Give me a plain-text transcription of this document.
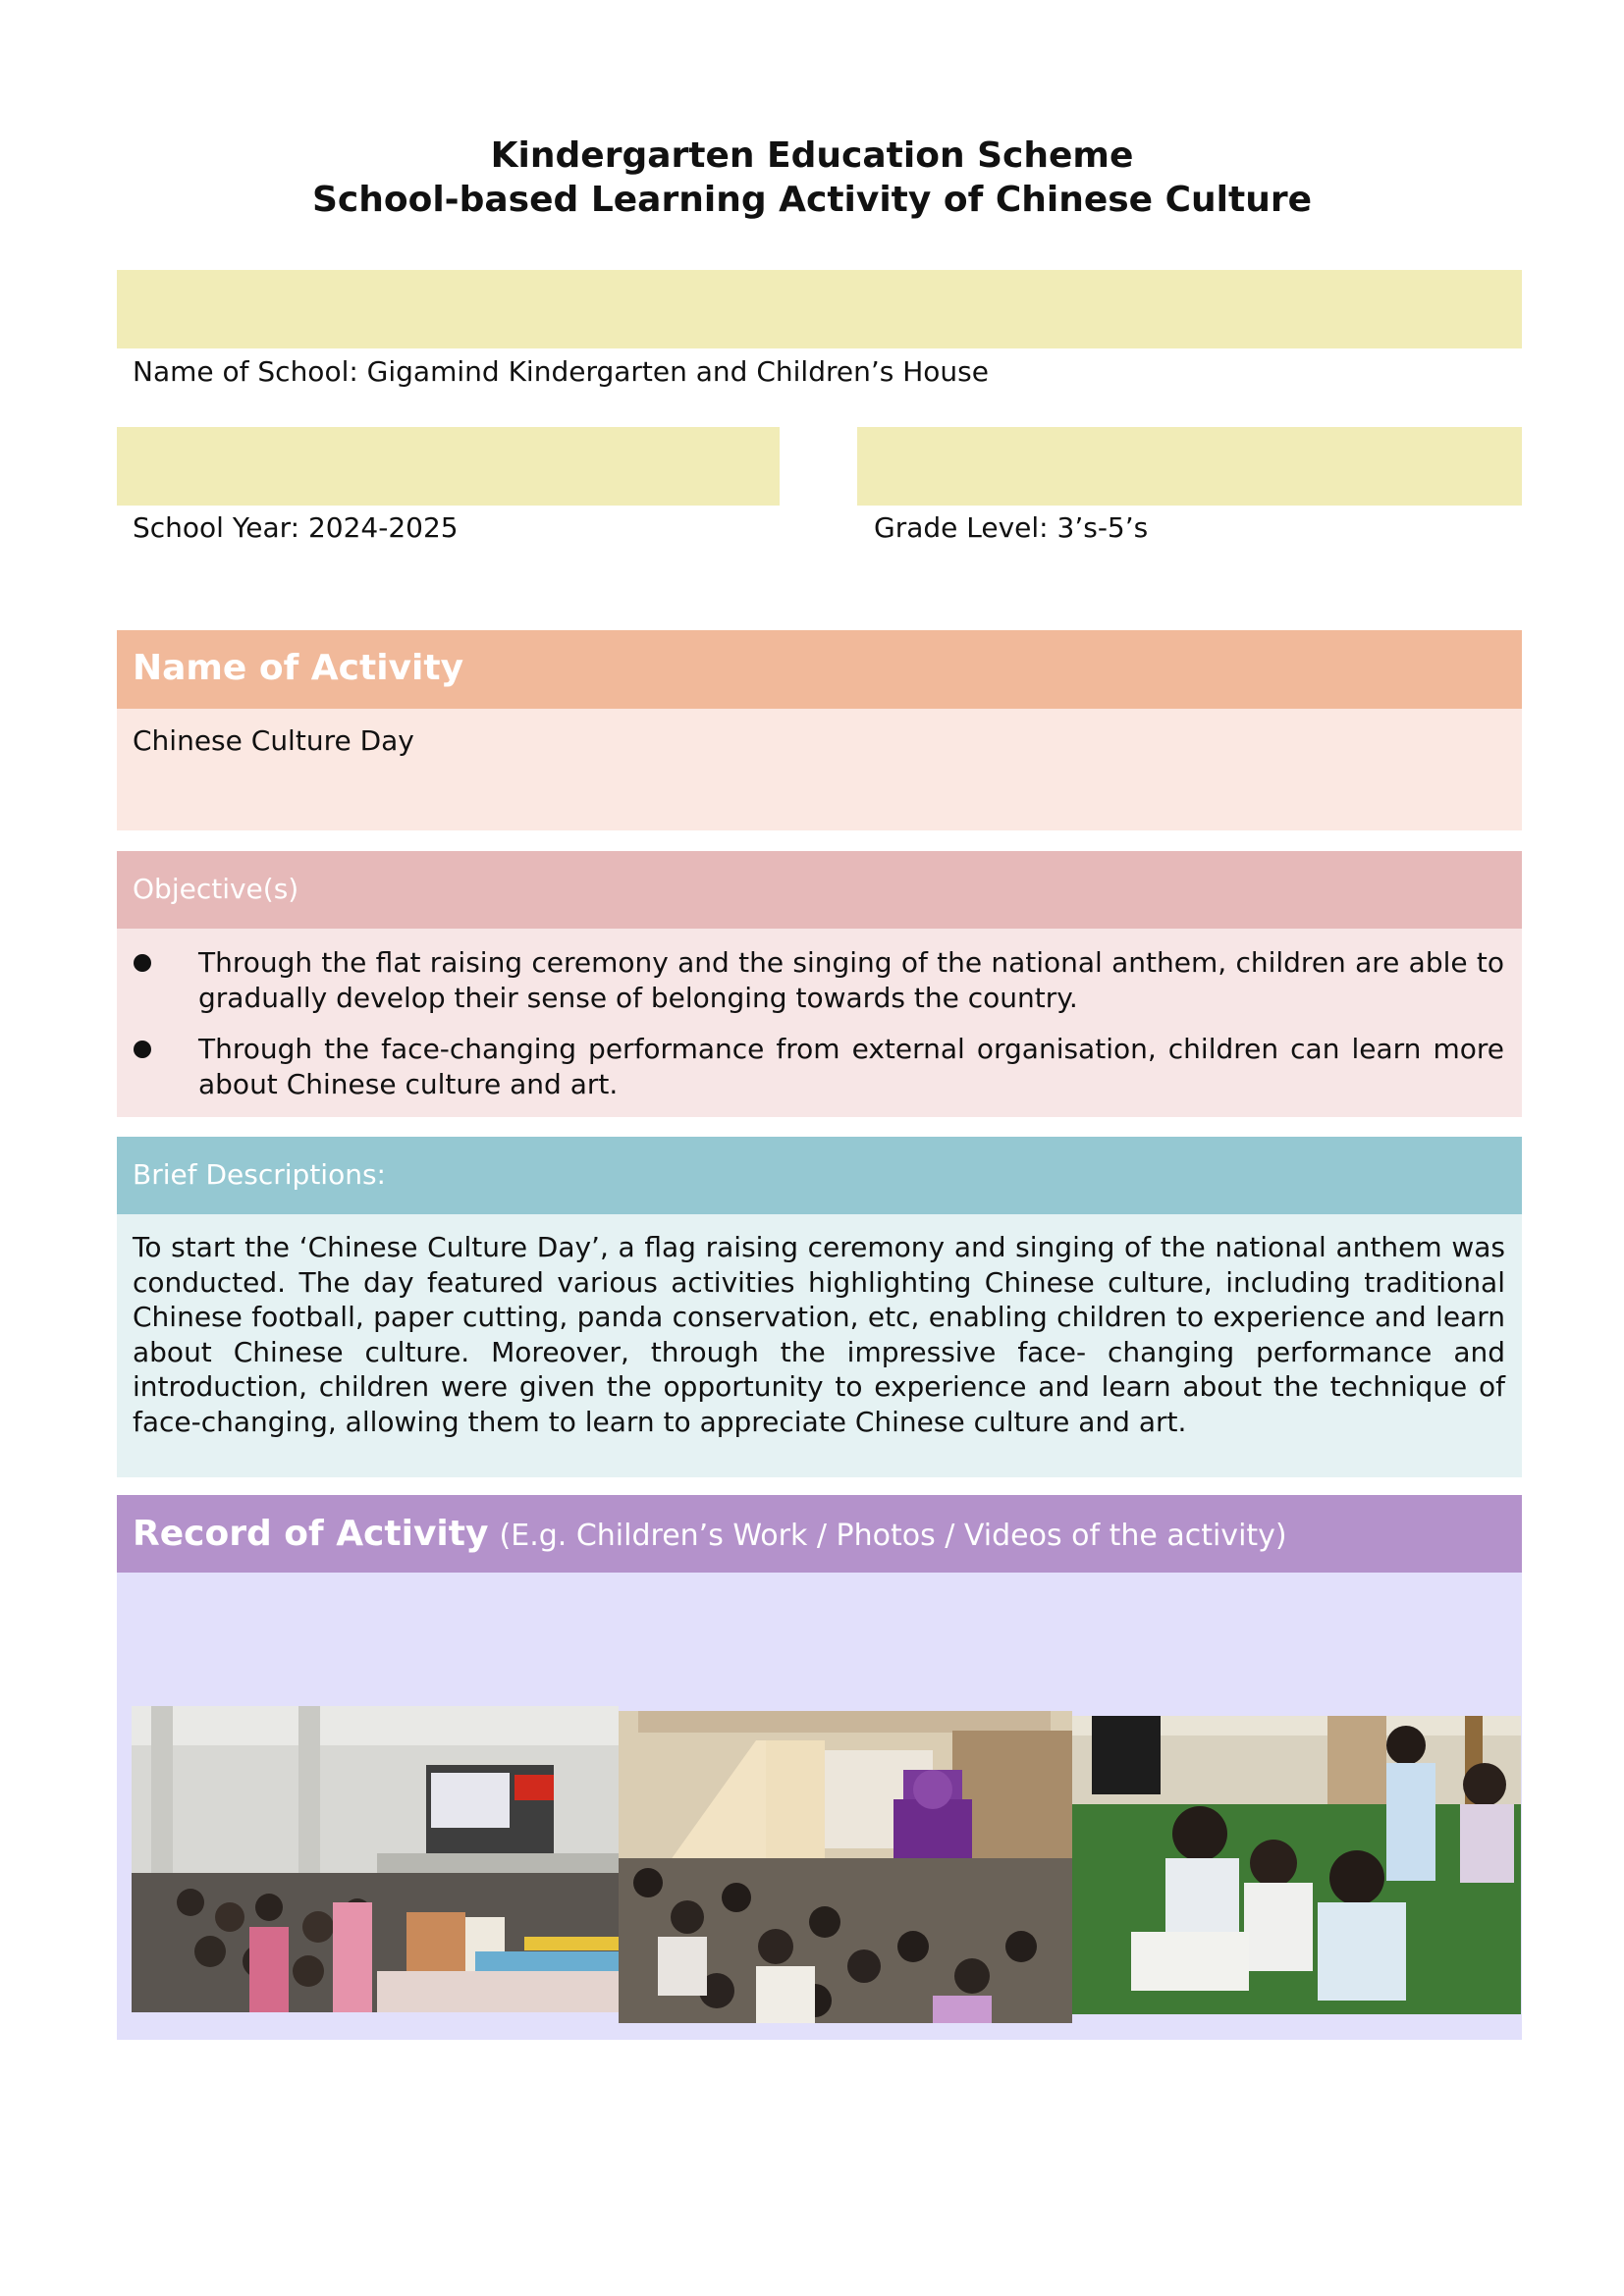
Kindergarten Education Scheme
School-based Learning Activity of Chinese Culture
Name of School: Gigamind Kindergarten and Children’s House
School Year: 2024-2025	Grade Level: 3’s-5’s
Name of Activity
Chinese Culture Day
Objective(s)
Through the flat raising ceremony and the singing of the national anthem, children are able to gradually develop their sense of belonging towards the country.
Through the face-changing performance from external organisation, children can learn more about Chinese culture and art.
Brief Descriptions:
To start the ‘Chinese Culture Day’, a flag raising ceremony and singing of the national anthem was conducted. The day featured various activities highlighting Chinese culture, including traditional Chinese football, paper cutting, panda conservation, etc, enabling children to experience and learn about Chinese culture. Moreover, through the impressive face- changing performance and introduction, children were given the opportunity to experience and learn about the technique of face-changing, allowing them to learn to appreciate Chinese culture and art.
Record of Activity (E.g. Children’s Work / Photos / Videos of the activity)
